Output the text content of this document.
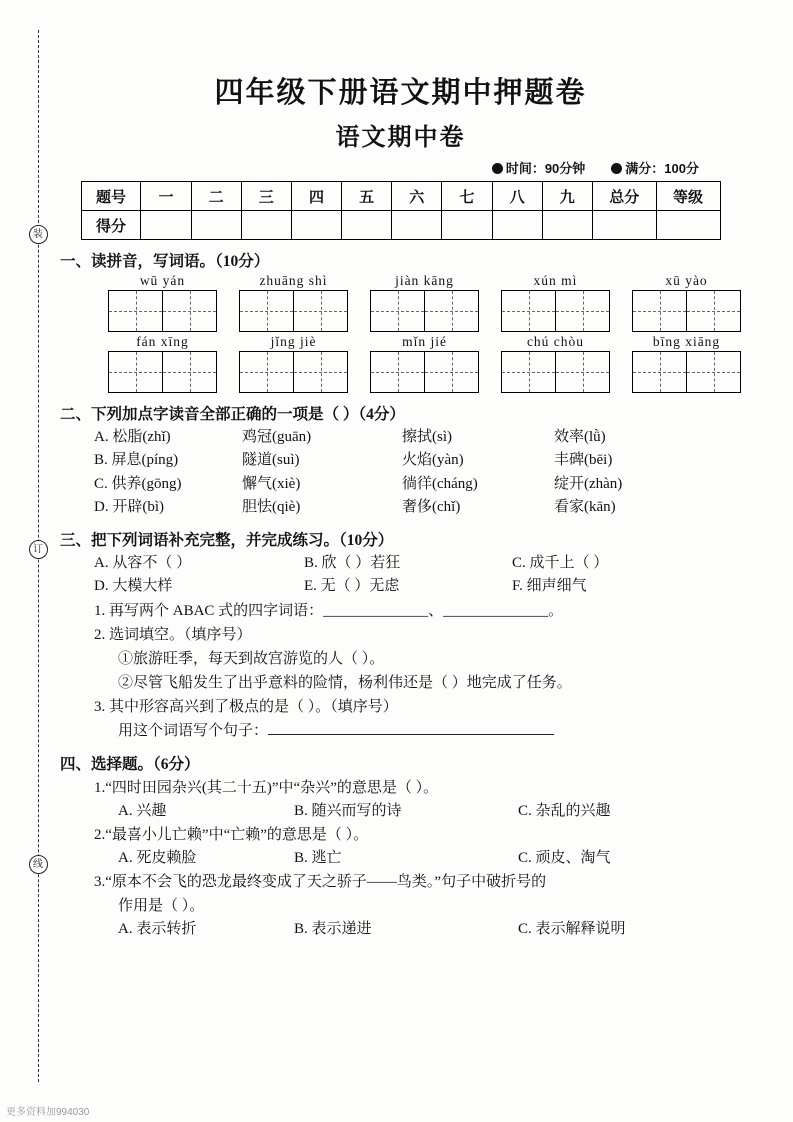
装
订
线
四年级下册语文期中押题卷
语文期中卷
时间：90分钟	满分：100分
题号	一	二	三	四	五	六	七	八	九	总分	等级
得分											
一、读拼音，写词语。（10分）
wū yán	zhuāng shì	jiàn kāng	xún mì	xū yào
fán xīng	jǐng jiè	mǐn jié	chú chòu	bīng xiāng
二、下列加点字读音全部正确的一项是（ ）（4分）
A. 松脂(zhǐ)	鸡冠(guān)	擦拭(sì)	效率(lǜ)
B. 屏息(píng)	隧道(suì)	火焰(yàn)	丰碑(bēi)
C. 供养(gōng)	懈气(xiè)	徜徉(cháng)	绽开(zhàn)
D. 开辟(bì)	胆怯(qiè)	奢侈(chǐ)	看家(kān)
三、把下列词语补充完整，并完成练习。（10分）
A. 从容不（ ）	B. 欣（ ）若狂	C. 成千上（ ）
D. 大模大样	E. 无（ ）无虑	F. 细声细气
1. 再写两个 ABAC 式的四字词语：______________、______________。
2. 选词填空。（填序号）
①旅游旺季，每天到故宫游览的人（ ）。
②尽管飞船发生了出乎意料的险情，杨利伟还是（ ）地完成了任务。
3. 其中形容高兴到了极点的是（ ）。（填序号）
用这个词语写个句子：
四、选择题。（6分）
1.“四时田园杂兴(其二十五)”中“杂兴”的意思是（ ）。
A. 兴趣	B. 随兴而写的诗	C. 杂乱的兴趣
2.“最喜小儿亡赖”中“亡赖”的意思是（ ）。
A. 死皮赖脸	B. 逃亡	C. 顽皮、淘气
3.“原本不会飞的恐龙最终变成了天之骄子——鸟类。”句子中破折号的
作用是（ ）。
A. 表示转折	B. 表示递进	C. 表示解释说明
更多资料加994030
